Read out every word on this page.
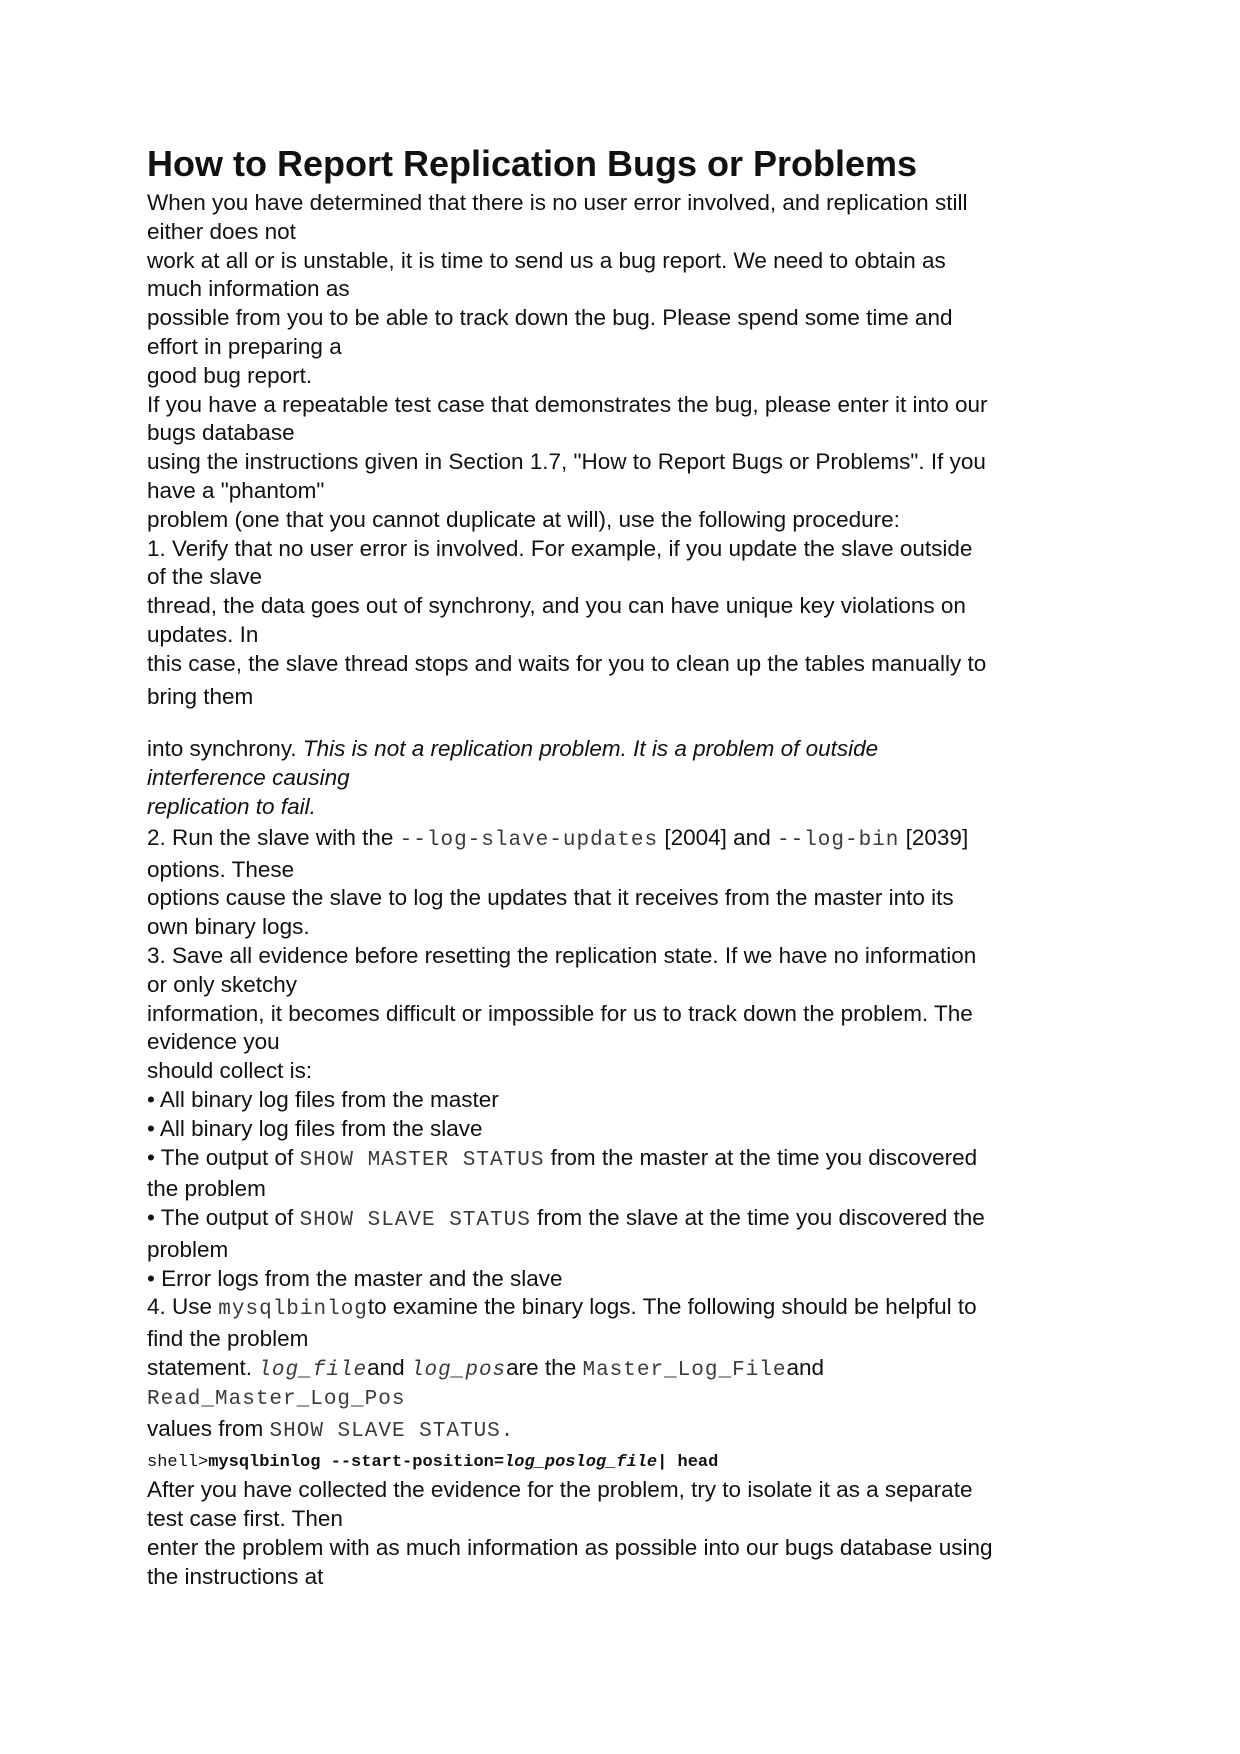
How to Report Replication Bugs or Problems

When you have determined that there is no user error involved, and replication still

either does not

work at all or is unstable, it is time to send us a bug report. We need to obtain as

much information as

possible from you to be able to track down the bug. Please spend some time and

effort in preparing a

good bug report.

If you have a repeatable test case that demonstrates the bug, please enter it into our

bugs database

using the instructions given in Section 1.7, "How to Report Bugs or Problems". If you

have a "phantom"

problem (one that you cannot duplicate at will), use the following procedure:

1. Verify that no user error is involved. For example, if you update the slave outside

of the slave

thread, the data goes out of synchrony, and you can have unique key violations on

updates. In

this case, the slave thread stops and waits for you to clean up the tables manually to

bring them

into synchrony. This is not a replication problem. It is a problem of outside

interference causing

replication to fail.

2. Run the slave with the --log-slave-updates [2004] and --log-bin [2039]

options. These

options cause the slave to log the updates that it receives from the master into its

own binary logs.

3. Save all evidence before resetting the replication state. If we have no information

or only sketchy

information, it becomes difficult or impossible for us to track down the problem. The

evidence you

should collect is:

• All binary log files from the master

• All binary log files from the slave

• The output of SHOW MASTER STATUS from the master at the time you discovered

the problem

• The output of SHOW SLAVE STATUS from the slave at the time you discovered the

problem

• Error logs from the master and the slave

4. Use mysqlbinlogto examine the binary logs. The following should be helpful to

find the problem

statement. log_fileand log_posare the Master_Log_Fileand

Read_Master_Log_Pos

values from SHOW SLAVE STATUS.

shell>mysqlbinlog --start-position=log_poslog_file| head

After you have collected the evidence for the problem, try to isolate it as a separate

test case first. Then

enter the problem with as much information as possible into our bugs database using

the instructions at
